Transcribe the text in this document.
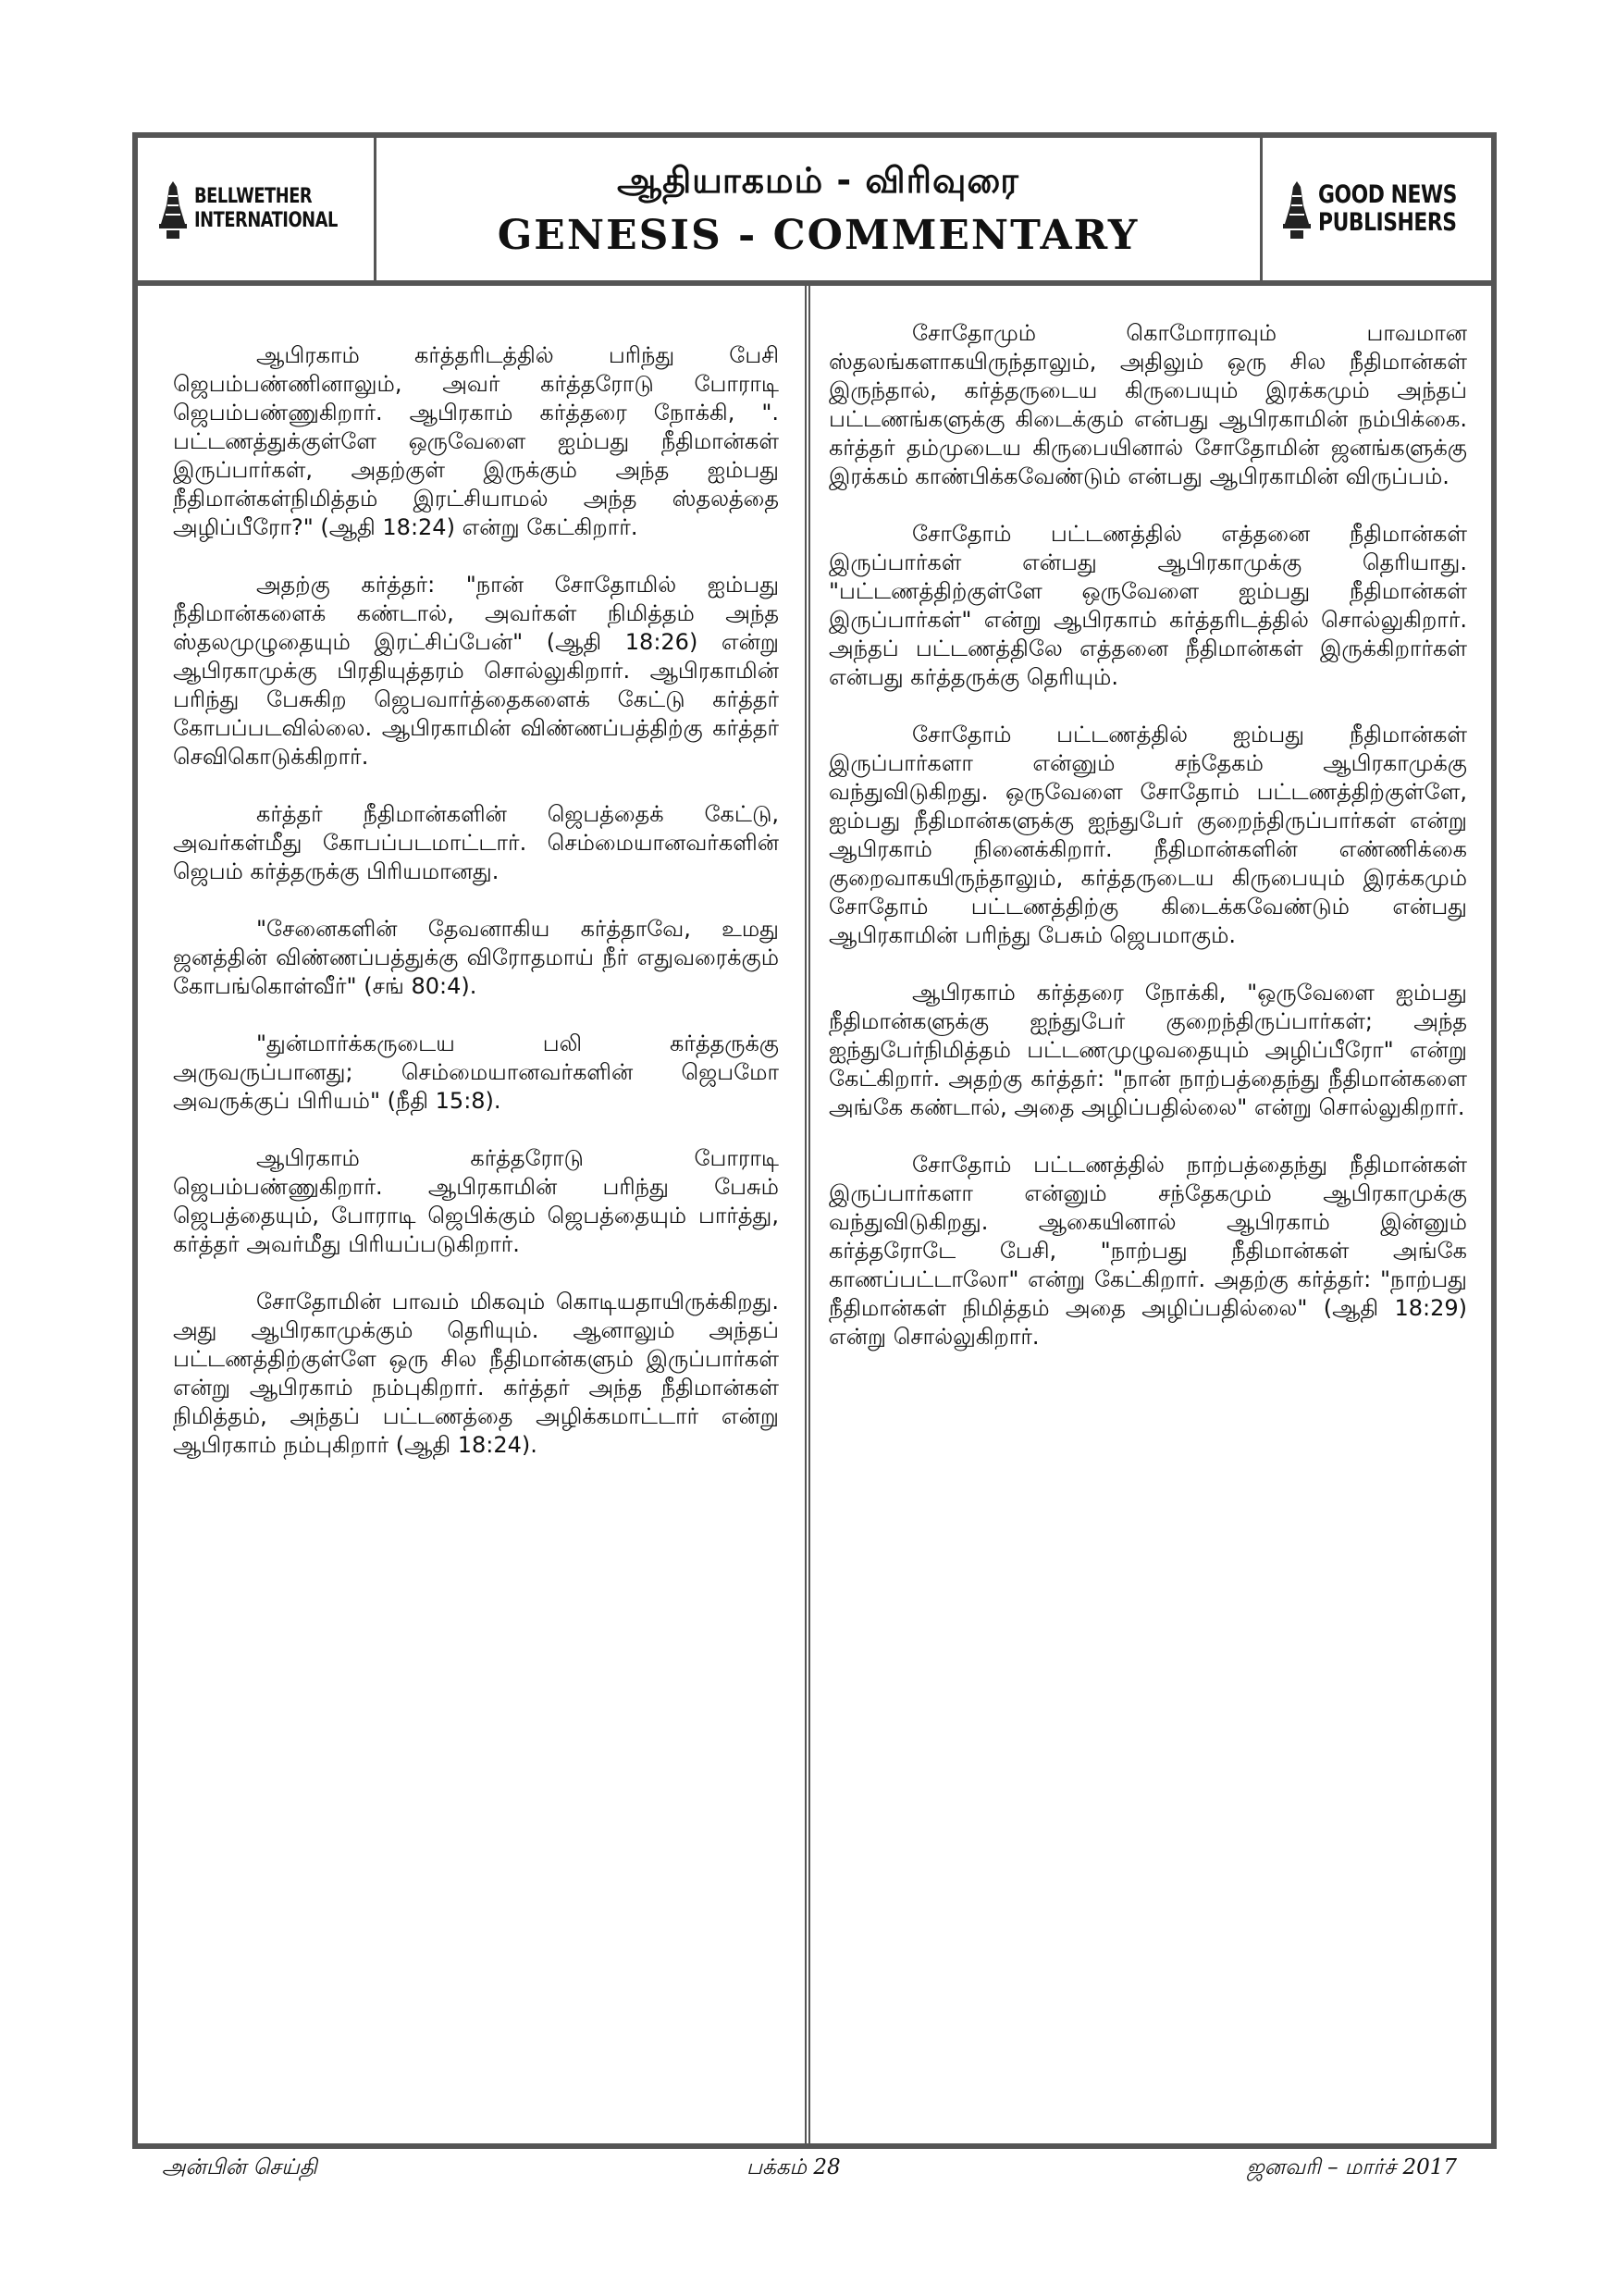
BELLWETHER
INTERNATIONAL
ஆதியாகமம் - விரிவுரை
GENESIS - COMMENTARY
GOOD NEWS
PUBLISHERS

ஆபிரகாம் கர்த்தரிடத்தில் பரிந்து பேசி ஜெபம்பண்ணினாலும், அவர் கர்த்தரோடு போராடி ஜெபம்பண்ணுகிறார். ஆபிரகாம் கர்த்தரை நோக்கி, ". பட்டணத்துக்குள்ளே ஒருவேளை ஐம்பது நீதிமான்கள் இருப்பார்கள், அதற்குள் இருக்கும் அந்த ஐம்பது நீதிமான்கள்நிமித்தம் இரட்சியாமல் அந்த ஸ்தலத்தை அழிப்பீரோ?" (ஆதி 18:24) என்று கேட்கிறார்.

அதற்கு கர்த்தர்: "நான் சோதோமில் ஐம்பது நீதிமான்களைக் கண்டால், அவர்கள் நிமித்தம் அந்த ஸ்தலமுழுதையும் இரட்சிப்பேன்" (ஆதி 18:26) என்று ஆபிரகாமுக்கு பிரதியுத்தரம் சொல்லுகிறார். ஆபிரகாமின் பரிந்து பேசுகிற ஜெபவார்த்தைகளைக் கேட்டு கர்த்தர் கோபப்படவில்லை. ஆபிரகாமின் விண்ணப்பத்திற்கு கர்த்தர் செவிகொடுக்கிறார்.

கர்த்தர் நீதிமான்களின் ஜெபத்தைக் கேட்டு, அவர்கள்மீது கோபப்படமாட்டார். செம்மையானவர்களின் ஜெபம் கர்த்தருக்கு பிரியமானது.

"சேனைகளின் தேவனாகிய கர்த்தாவே, உமது ஜனத்தின் விண்ணப்பத்துக்கு விரோதமாய் நீர் எதுவரைக்கும் கோபங்கொள்வீர்" (சங் 80:4).

"துன்மார்க்கருடைய பலி கர்த்தருக்கு அருவருப்பானது; செம்மையானவர்களின் ஜெபமோ அவருக்குப் பிரியம்" (நீதி 15:8).

ஆபிரகாம் கர்த்தரோடு போராடி ஜெபம்பண்ணுகிறார். ஆபிரகாமின் பரிந்து பேசும் ஜெபத்தையும், போராடி ஜெபிக்கும் ஜெபத்தையும் பார்த்து, கர்த்தர் அவர்மீது பிரியப்படுகிறார்.

சோதோமின் பாவம் மிகவும் கொடியதாயிருக்கிறது. அது ஆபிரகாமுக்கும் தெரியும். ஆனாலும் அந்தப் பட்டணத்திற்குள்ளே ஒரு சில நீதிமான்களும் இருப்பார்கள் என்று ஆபிரகாம் நம்புகிறார். கர்த்தர் அந்த நீதிமான்கள் நிமித்தம், அந்தப் பட்டணத்தை அழிக்கமாட்டார் என்று ஆபிரகாம் நம்புகிறார் (ஆதி 18:24).

சோதோமும் கொமோராவும் பாவமான ஸ்தலங்களாகயிருந்தாலும், அதிலும் ஒரு சில நீதிமான்கள் இருந்தால், கர்த்தருடைய கிருபையும் இரக்கமும் அந்தப் பட்டணங்களுக்கு கிடைக்கும் என்பது ஆபிரகாமின் நம்பிக்கை. கர்த்தர் தம்முடைய கிருபையினால் சோதோமின் ஜனங்களுக்கு இரக்கம் காண்பிக்கவேண்டும் என்பது ஆபிரகாமின் விருப்பம்.

சோதோம் பட்டணத்தில் எத்தனை நீதிமான்கள் இருப்பார்கள் என்பது ஆபிரகாமுக்கு தெரியாது. "பட்டணத்திற்குள்ளே ஒருவேளை ஐம்பது நீதிமான்கள் இருப்பார்கள்" என்று ஆபிரகாம் கர்த்தரிடத்தில் சொல்லுகிறார். அந்தப் பட்டணத்திலே எத்தனை நீதிமான்கள் இருக்கிறார்கள் என்பது கர்த்தருக்கு தெரியும்.

சோதோம் பட்டணத்தில் ஐம்பது நீதிமான்கள் இருப்பார்களா என்னும் சந்தேகம் ஆபிரகாமுக்கு வந்துவிடுகிறது. ஒருவேளை சோதோம் பட்டணத்திற்குள்ளே, ஐம்பது நீதிமான்களுக்கு ஐந்துபேர் குறைந்திருப்பார்கள் என்று ஆபிரகாம் நினைக்கிறார். நீதிமான்களின் எண்ணிக்கை குறைவாகயிருந்தாலும், கர்த்தருடைய கிருபையும் இரக்கமும் சோதோம் பட்டணத்திற்கு கிடைக்கவேண்டும் என்பது ஆபிரகாமின் பரிந்து பேசும் ஜெபமாகும்.

ஆபிரகாம் கர்த்தரை நோக்கி, "ஒருவேளை ஐம்பது நீதிமான்களுக்கு ஐந்துபேர் குறைந்திருப்பார்கள்; அந்த ஐந்துபேர்நிமித்தம் பட்டணமுழுவதையும் அழிப்பீரோ" என்று கேட்கிறார். அதற்கு கர்த்தர்: "நான் நாற்பத்தைந்து நீதிமான்களை அங்கே கண்டால், அதை அழிப்பதில்லை" என்று சொல்லுகிறார்.

சோதோம் பட்டணத்தில் நாற்பத்தைந்து நீதிமான்கள் இருப்பார்களா என்னும் சந்தேகமும் ஆபிரகாமுக்கு வந்துவிடுகிறது. ஆகையினால் ஆபிரகாம் இன்னும் கர்த்தரோடே பேசி, "நாற்பது நீதிமான்கள் அங்கே காணப்பட்டாலோ" என்று கேட்கிறார். அதற்கு கர்த்தர்: "நாற்பது நீதிமான்கள் நிமித்தம் அதை அழிப்பதில்லை" (ஆதி 18:29) என்று சொல்லுகிறார்.

அன்பின் செய்தி	பக்கம் 28	ஜனவரி – மார்ச் 2017
